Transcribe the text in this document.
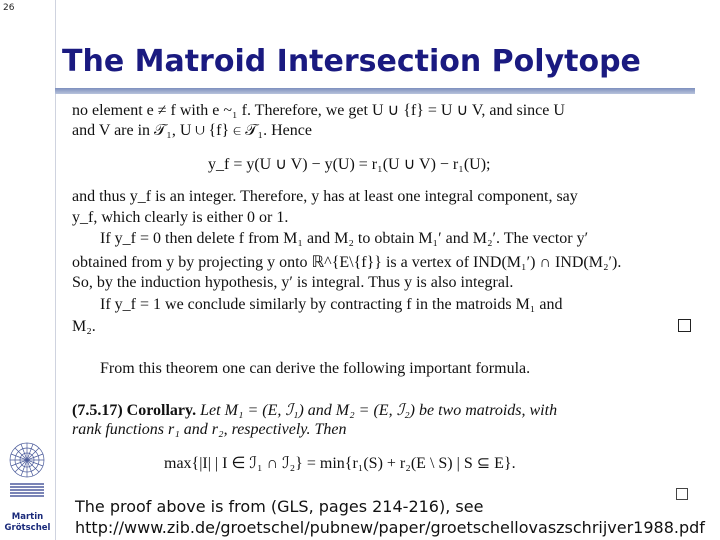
26
Martin
Grötschel
The Matroid Intersection Polytope
no element e ≠ f with e ~₁ f. Therefore, we get U ∪ {f} = U ∪ V, and since U
and V are in 𝒯₁, U ∪ {f} ∈ 𝒯₁. Hence
y_f = y(U ∪ V) − y(U) = r₁(U ∪ V) − r₁(U);
and thus y_f is an integer. Therefore, y has at least one integral component, say
y_f, which clearly is either 0 or 1.
If y_f = 0 then delete f from M₁ and M₂ to obtain M₁′ and M₂′. The vector y′
obtained from y by projecting y onto ℝ^{E\{f}} is a vertex of IND(M₁′) ∩ IND(M₂′).
So, by the induction hypothesis, y′ is integral. Thus y is also integral.
If y_f = 1 we conclude similarly by contracting f in the matroids M₁ and
M₂.
From this theorem one can derive the following important formula.
(7.5.17) Corollary. Let M₁ = (E, ℐ₁) and M₂ = (E, ℐ₂) be two matroids, with
rank functions r₁ and r₂, respectively. Then
max{|I| | I ∈ ℐ₁ ∩ ℐ₂} = min{r₁(S) + r₂(E \ S) | S ⊆ E}.
The proof above is from (GLS, pages 214-216), see
http://www.zib.de/groetschel/pubnew/paper/groetschellovaszschrijver1988.pdf
